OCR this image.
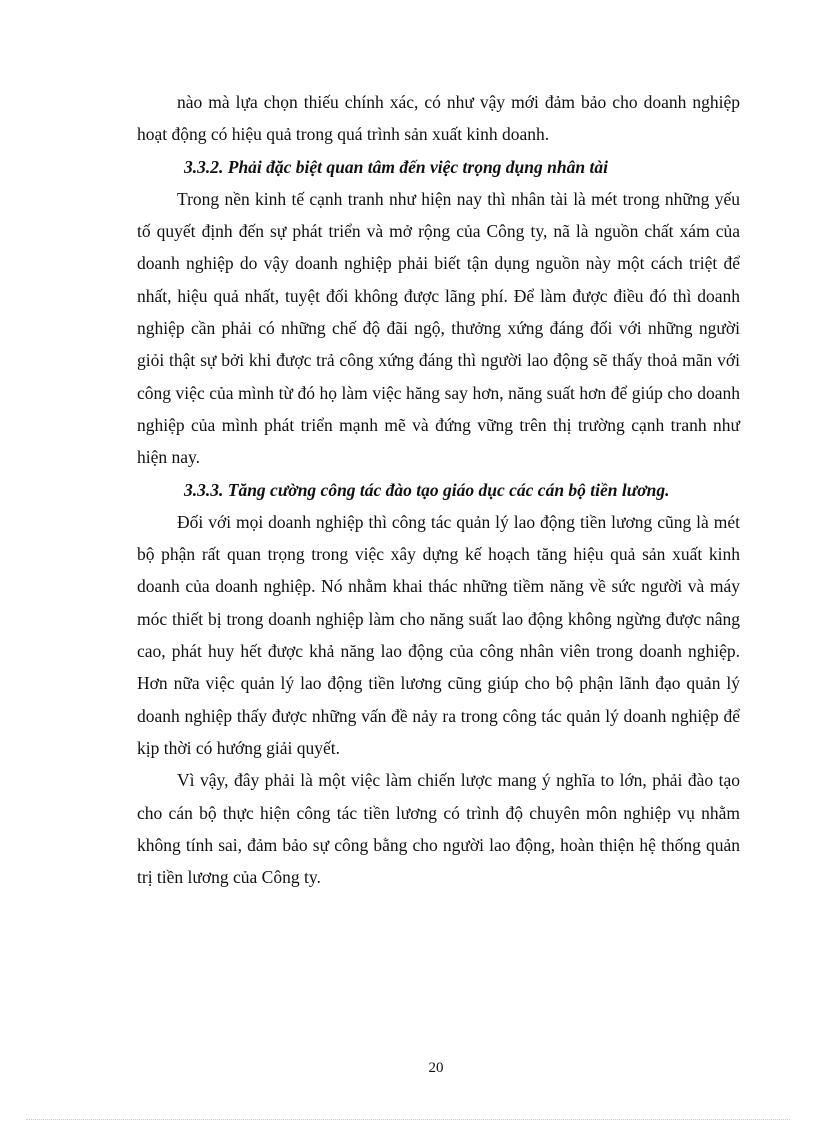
nào mà lựa chọn thiếu chính xác, có như vậy mới đảm bảo cho doanh nghiệp hoạt động có hiệu quả trong quá trình sản xuất kinh doanh.

3.3.2. Phải đặc biệt quan tâm đến việc trọng dụng nhân tài

Trong nền kinh tế cạnh tranh như hiện nay thì nhân tài là mét trong những yếu tố quyết định đến sự phát triển và mở rộng của Công ty, nã là nguồn chất xám của doanh nghiệp do vậy doanh nghiệp phải biết tận dụng nguồn này một cách triệt để nhất, hiệu quả nhất, tuyệt đối không được lãng phí. Để làm được điều đó thì doanh nghiệp cần phải có những chế độ đãi ngộ, thưởng xứng đáng đối với những người giỏi thật sự bởi khi được trả công xứng đáng thì người lao động sẽ thấy thoả mãn với công việc của mình từ đó họ làm việc hăng say hơn, năng suất hơn để giúp cho doanh nghiệp của mình phát triển mạnh mẽ và đứng vững trên thị trường cạnh tranh như hiện nay.

3.3.3. Tăng cường công tác đào tạo giáo dục các cán bộ tiền lương.

Đối với mọi doanh nghiệp thì công tác quản lý lao động tiền lương cũng là mét bộ phận rất quan trọng trong việc xây dựng kế hoạch tăng hiệu quả sản xuất kinh doanh của doanh nghiệp. Nó nhằm khai thác những tiềm năng về sức người và máy móc thiết bị trong doanh nghiệp làm cho năng suất lao động không ngừng được nâng cao, phát huy hết được khả năng lao động của công nhân viên trong doanh nghiệp. Hơn nữa việc quản lý lao động tiền lương cũng giúp cho bộ phận lãnh đạo quản lý doanh nghiệp thấy được những vấn đề nảy ra trong công tác quản lý doanh nghiệp để kịp thời có hướng giải quyết.

Vì vậy, đây phải là một việc làm chiến lược mang ý nghĩa to lớn, phải đào tạo cho cán bộ thực hiện công tác tiền lương có trình độ chuyên môn nghiệp vụ nhằm không tính sai, đảm bảo sự công bằng cho người lao động, hoàn thiện hệ thống quản trị tiền lương của Công ty.

20
